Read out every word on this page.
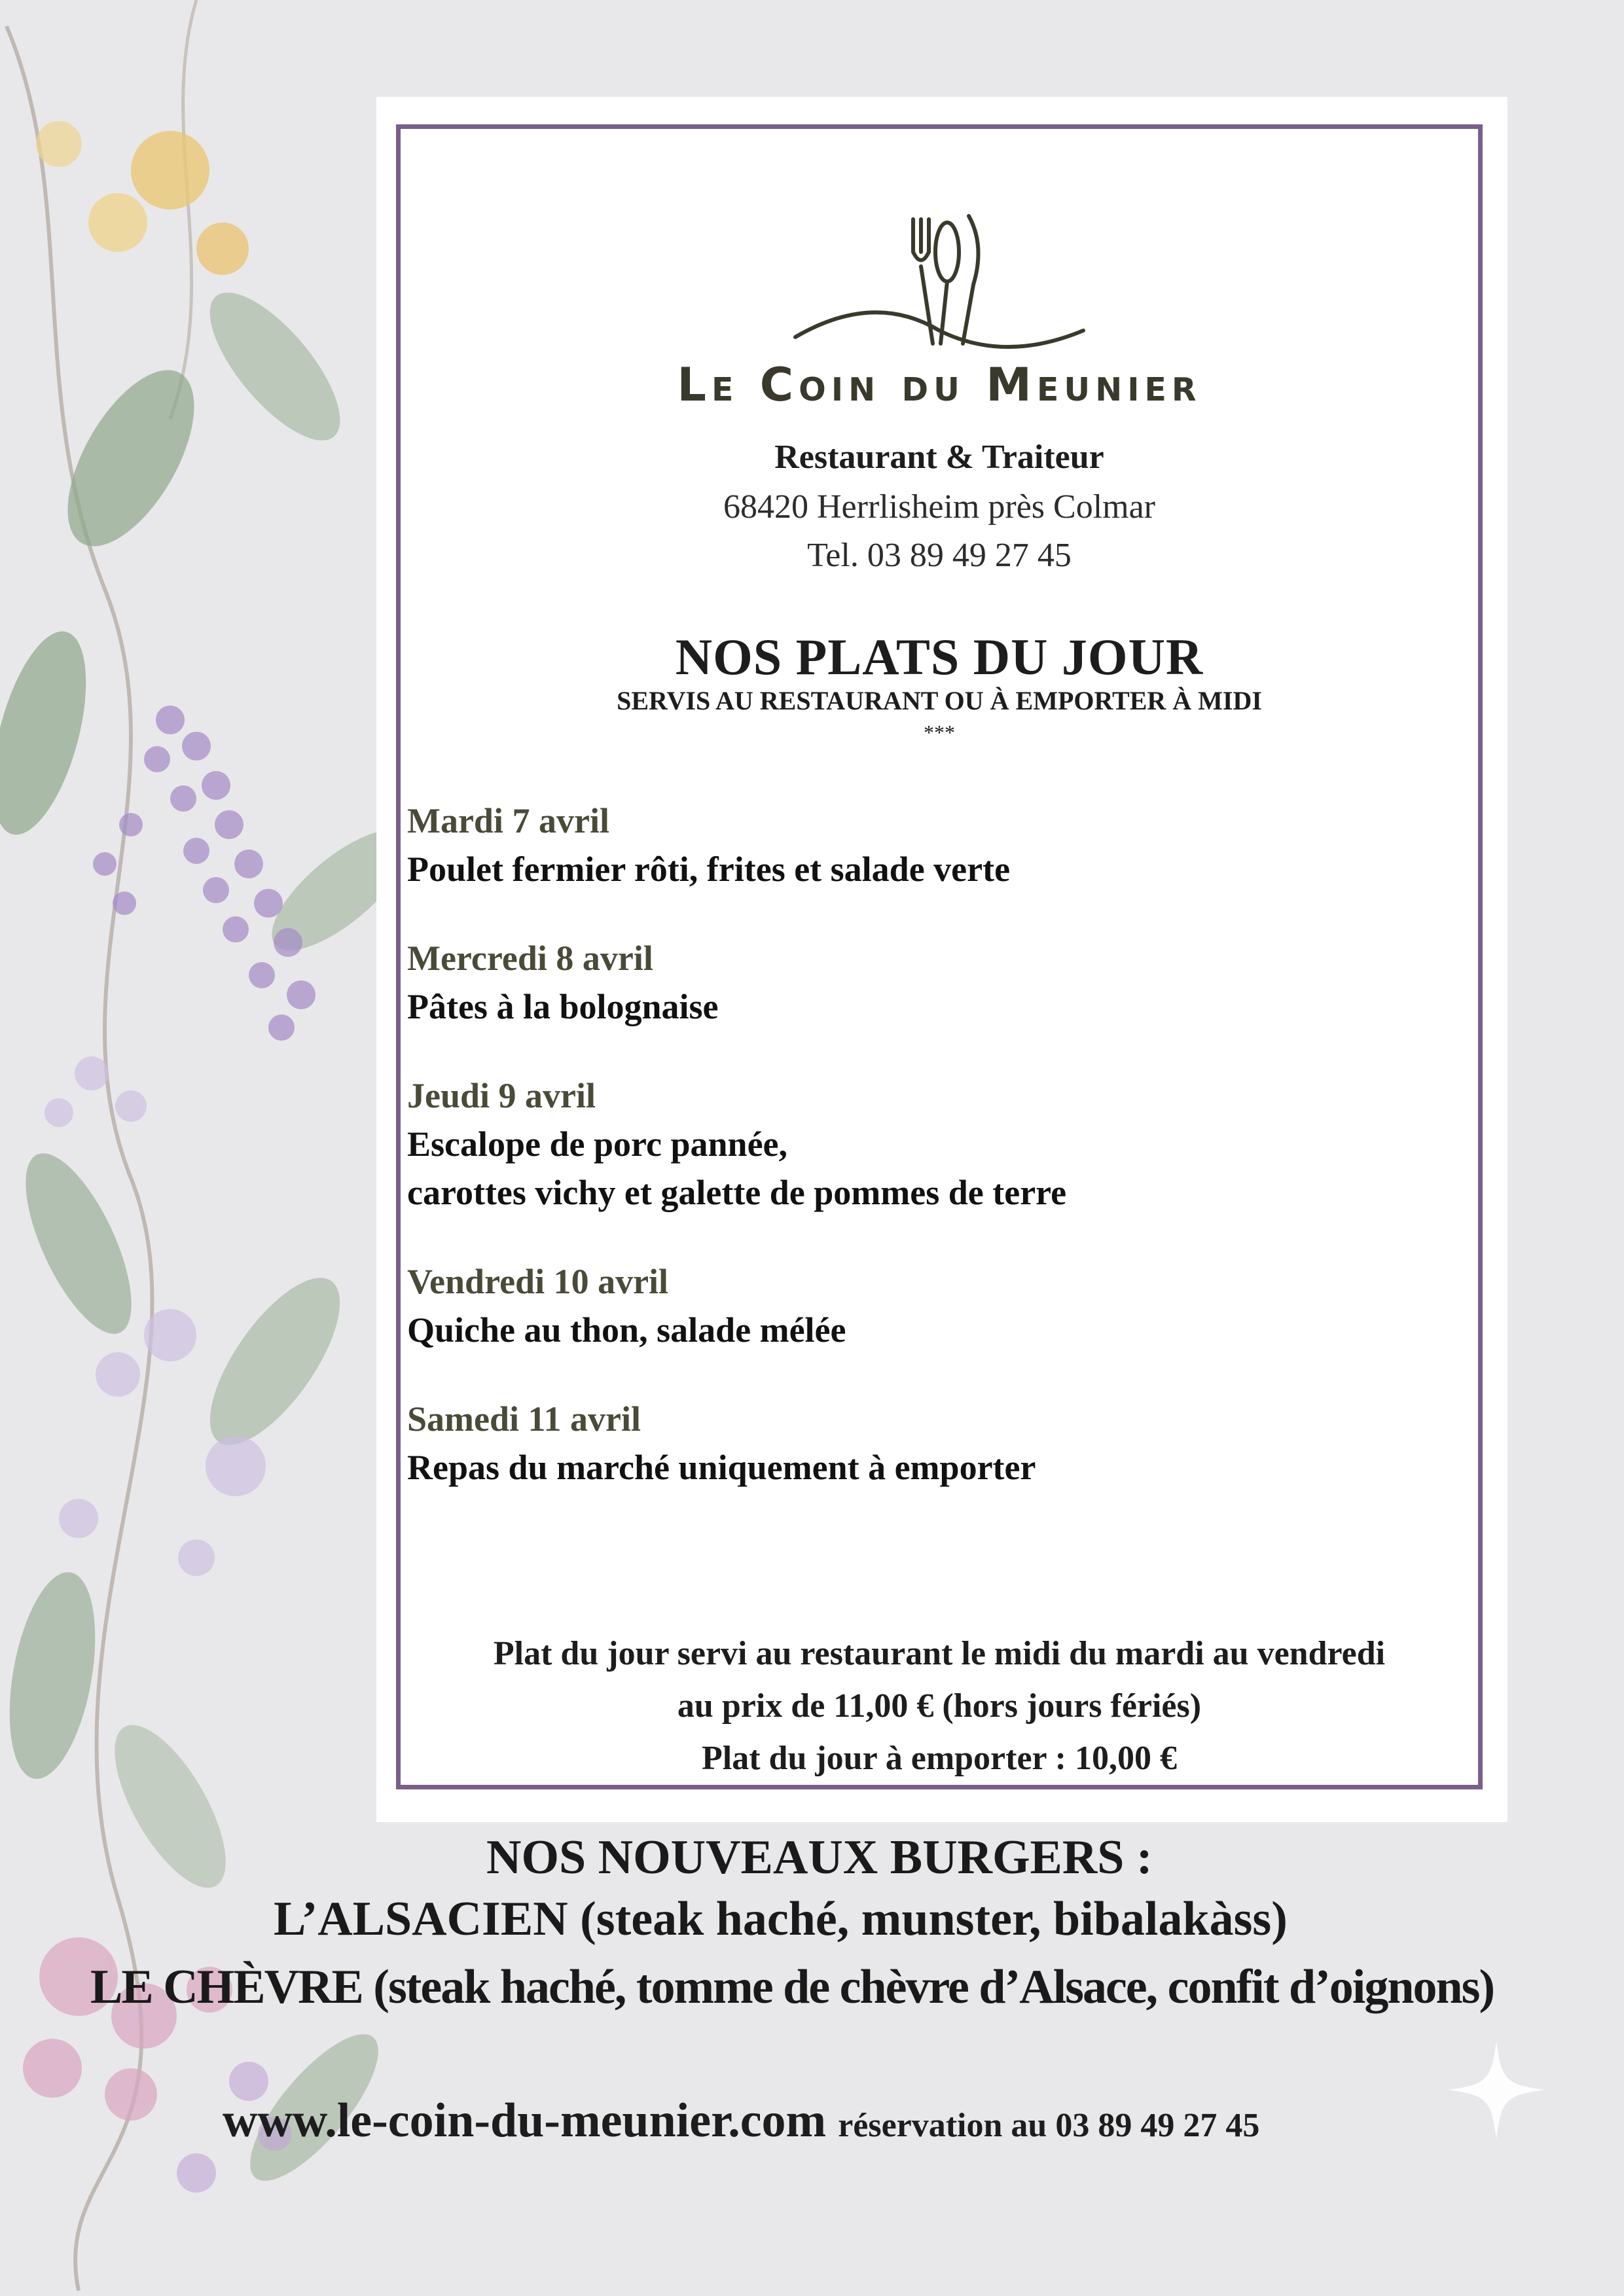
Le Coin du Meunier
Restaurant & Traiteur
68420 Herrlisheim près Colmar
Tel. 03 89 49 27 45
NOS PLATS DU JOUR
SERVIS AU RESTAURANT OU À EMPORTER À MIDI
***
Mardi 7 avril
Poulet fermier rôti, frites et salade verte
Mercredi 8 avril
Pâtes à la bolognaise
Jeudi 9 avril
Escalope de porc pannée,
carottes vichy et galette de pommes de terre
Vendredi 10 avril
Quiche au thon, salade mélée
Samedi 11 avril
Repas du marché uniquement à emporter
Plat du jour servi au restaurant le midi du mardi au vendredi
au prix de 11,00 € (hors jours fériés)
Plat du jour à emporter : 10,00 €
NOS NOUVEAUX BURGERS :
L’ALSACIEN (steak haché, munster, bibalakàss)
LE CHÈVRE (steak haché, tomme de chèvre d’Alsace, confit d’oignons)
www.le-coin-du-meunier.com réservation au 03 89 49 27 45
